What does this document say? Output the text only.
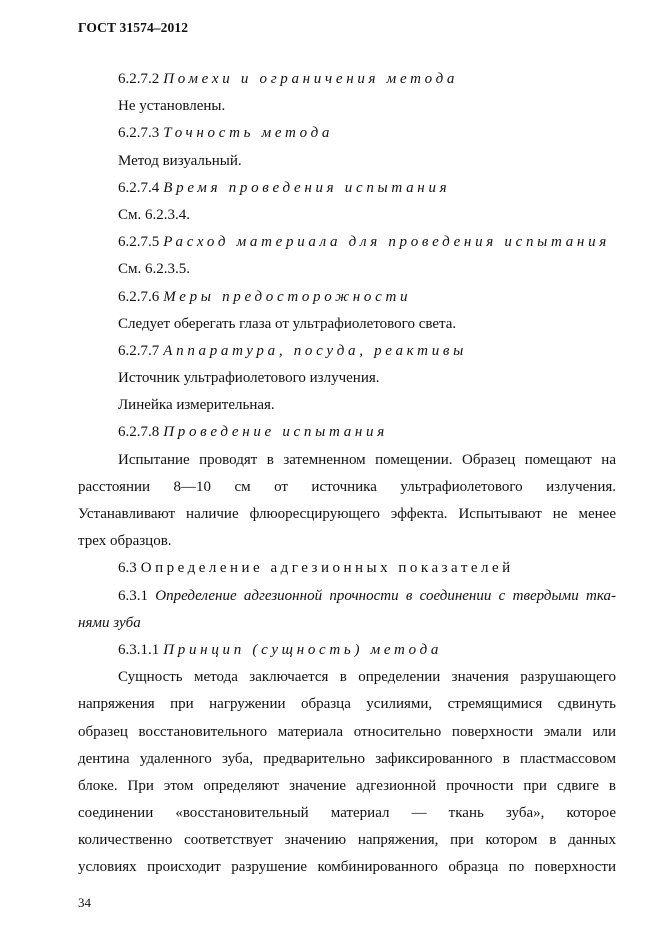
ГОСТ 31574–2012
6.2.7.2 Помехи и ограничения метода
Не установлены.
6.2.7.3 Точность метода
Метод визуальный.
6.2.7.4 Время проведения испытания
См. 6.2.3.4.
6.2.7.5 Расход материала для проведения испытания
См. 6.2.3.5.
6.2.7.6 Меры предосторожности
Следует оберегать глаза от ультрафиолетового света.
6.2.7.7 Аппаратура, посуда, реактивы
Источник ультрафиолетового излучения.
Линейка измерительная.
6.2.7.8 Проведение испытания
Испытание проводят в затемненном помещении. Образец помещают на
расстоянии 8—10 см от источника ультрафиолетового излучения.
Устанавливают наличие флюоресцирующего эффекта. Испытывают не менее
трех образцов.
6.3 Определение адгезионных показателей
6.3.1 Определение адгезионной прочности в соединении с твердыми тка-
нями зуба
6.3.1.1 Принцип (сущность) метода
Сущность метода заключается в определении значения разрушающего
напряжения при нагружении образца усилиями, стремящимися сдвинуть
образец восстановительного материала относительно поверхности эмали или
дентина удаленного зуба, предварительно зафиксированного в пластмассовом
блоке. При этом определяют значение адгезионной прочности при сдвиге в
соединении «восстановительный материал — ткань зуба», которое
количественно соответствует значению напряжения, при котором в данных
условиях происходит разрушение комбинированного образца по поверхности
34
